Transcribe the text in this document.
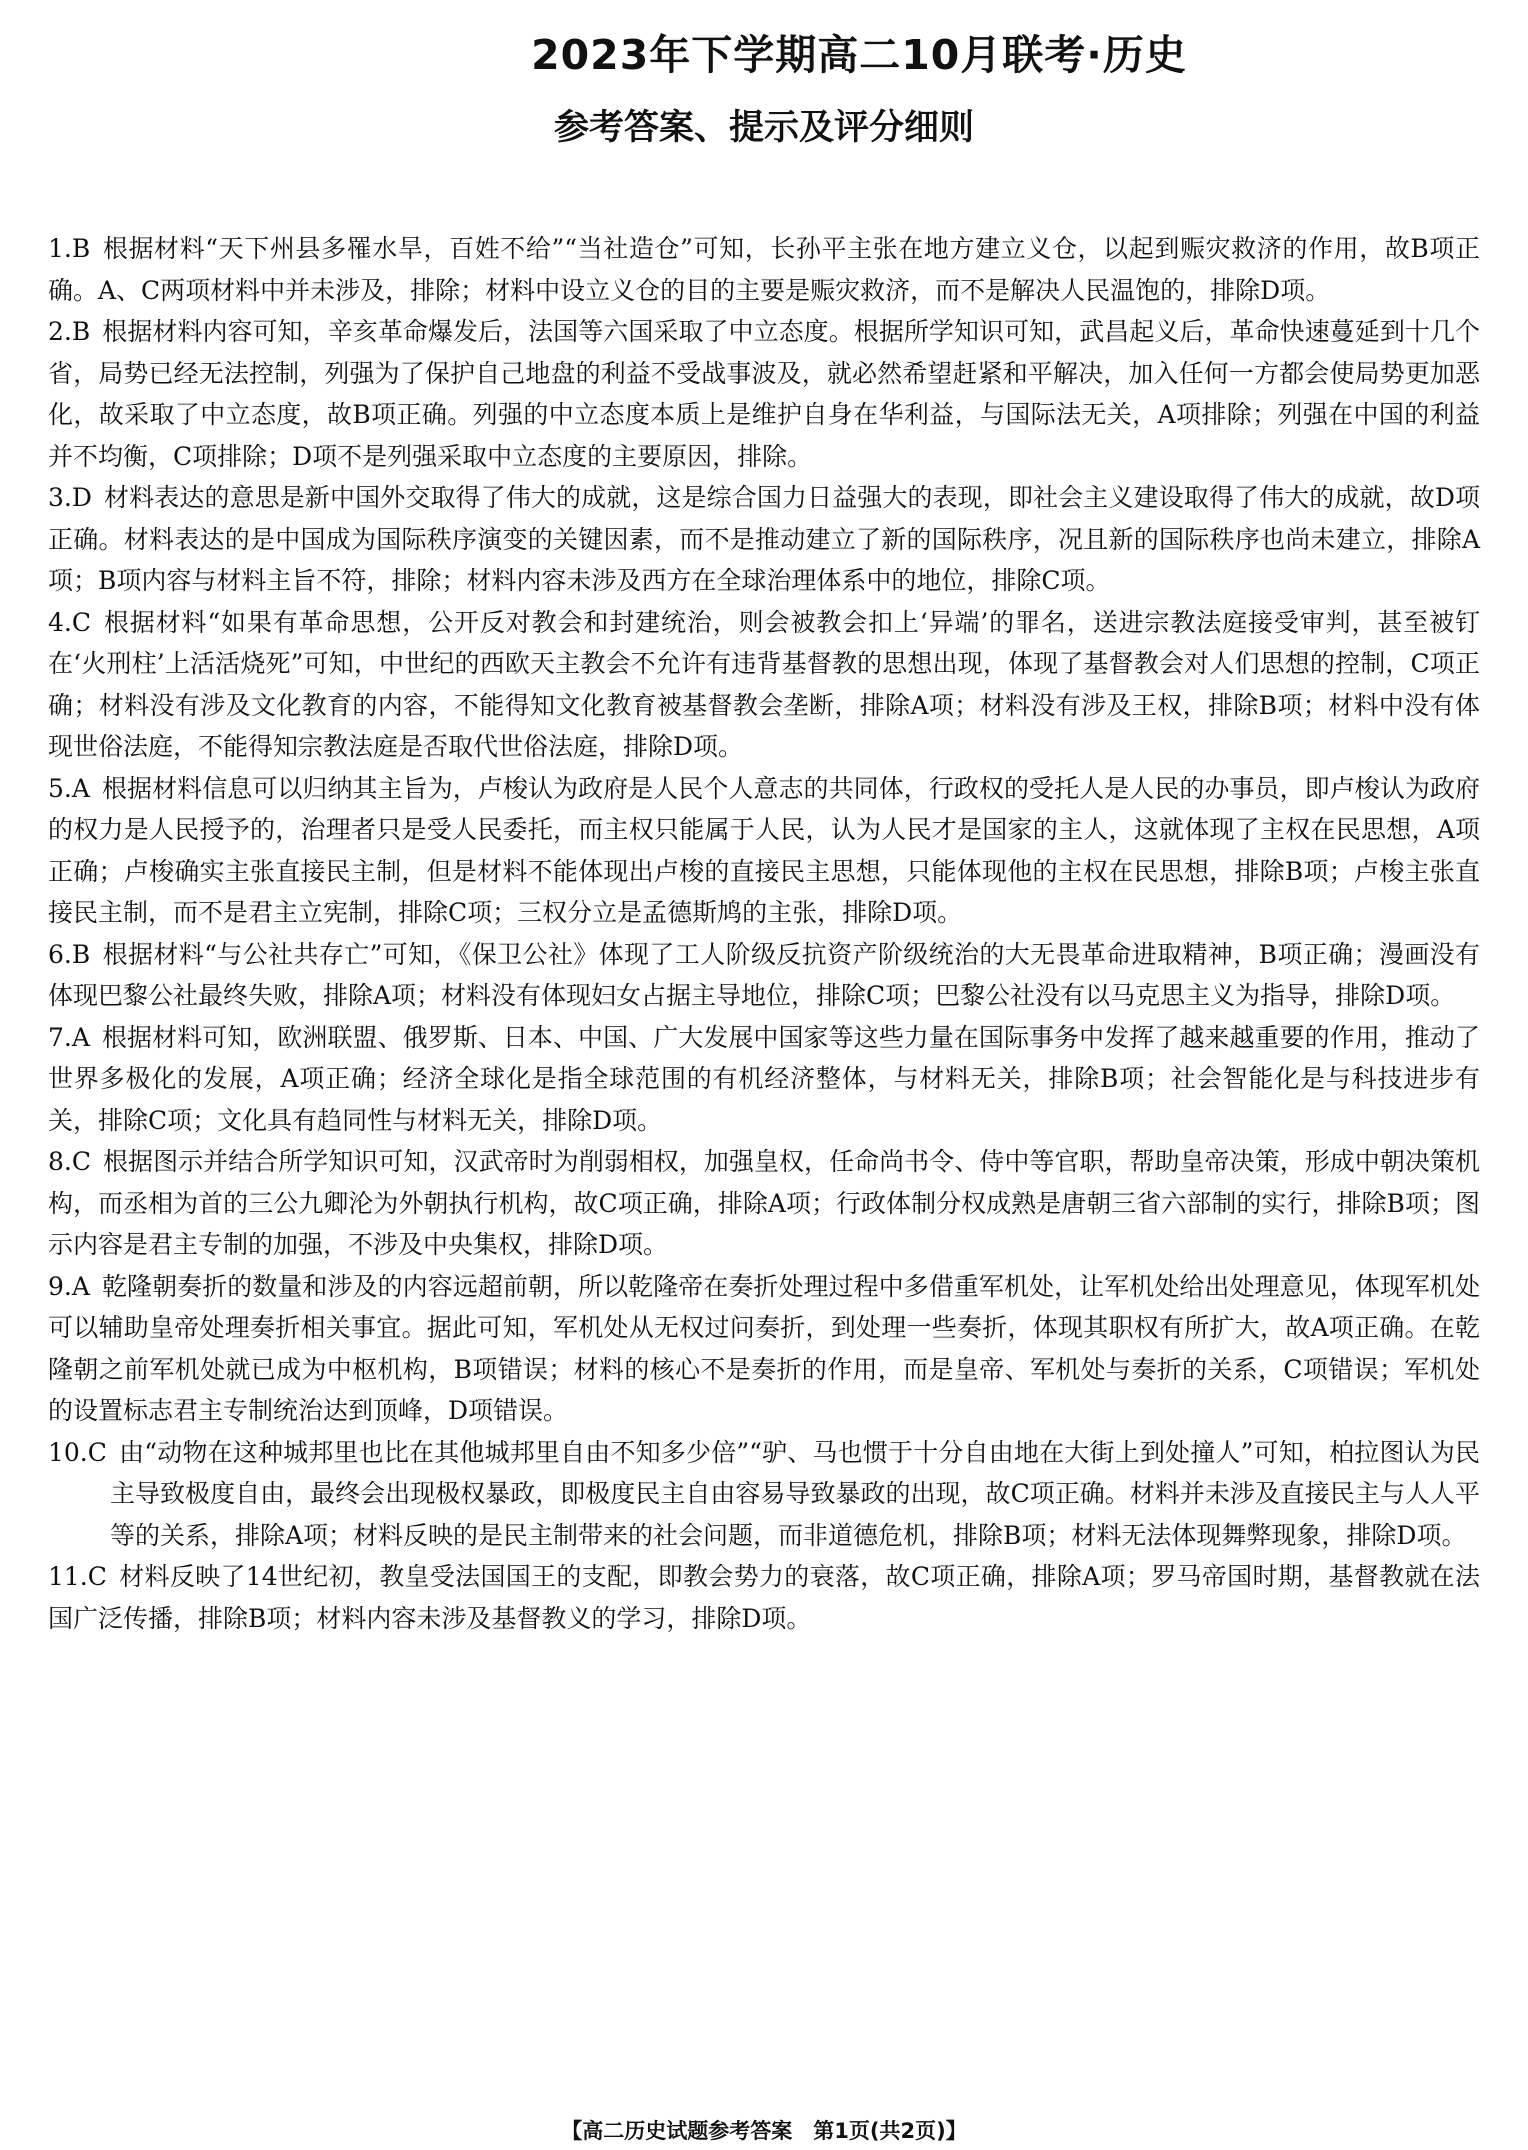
2023年下学期高二10月联考·历史
参考答案、提示及评分细则

1.B 根据材料“天下州县多罹水旱，百姓不给”“当社造仓”可知，长孙平主张在地方建立义仓，以起到赈灾救济的作用，故B项正确。A、C两项材料中并未涉及，排除；材料中设立义仓的目的主要是赈灾救济，而不是解决人民温饱的，排除D项。

2.B 根据材料内容可知，辛亥革命爆发后，法国等六国采取了中立态度。根据所学知识可知，武昌起义后，革命快速蔓延到十几个省，局势已经无法控制，列强为了保护自己地盘的利益不受战事波及，就必然希望赶紧和平解决，加入任何一方都会使局势更加恶化，故采取了中立态度，故B项正确。列强的中立态度本质上是维护自身在华利益，与国际法无关，A项排除；列强在中国的利益并不均衡，C项排除；D项不是列强采取中立态度的主要原因，排除。

3.D 材料表达的意思是新中国外交取得了伟大的成就，这是综合国力日益强大的表现，即社会主义建设取得了伟大的成就，故D项正确。材料表达的是中国成为国际秩序演变的关键因素，而不是推动建立了新的国际秩序，况且新的国际秩序也尚未建立，排除A项；B项内容与材料主旨不符，排除；材料内容未涉及西方在全球治理体系中的地位，排除C项。

4.C 根据材料“如果有革命思想，公开反对教会和封建统治，则会被教会扣上‘异端’的罪名，送进宗教法庭接受审判，甚至被钉在‘火刑柱’上活活烧死”可知，中世纪的西欧天主教会不允许有违背基督教的思想出现，体现了基督教会对人们思想的控制，C项正确；材料没有涉及文化教育的内容，不能得知文化教育被基督教会垄断，排除A项；材料没有涉及王权，排除B项；材料中没有体现世俗法庭，不能得知宗教法庭是否取代世俗法庭，排除D项。

5.A 根据材料信息可以归纳其主旨为，卢梭认为政府是人民个人意志的共同体，行政权的受托人是人民的办事员，即卢梭认为政府的权力是人民授予的，治理者只是受人民委托，而主权只能属于人民，认为人民才是国家的主人，这就体现了主权在民思想，A项正确；卢梭确实主张直接民主制，但是材料不能体现出卢梭的直接民主思想，只能体现他的主权在民思想，排除B项；卢梭主张直接民主制，而不是君主立宪制，排除C项；三权分立是孟德斯鸠的主张，排除D项。

6.B 根据材料“与公社共存亡”可知，《保卫公社》体现了工人阶级反抗资产阶级统治的大无畏革命进取精神，B项正确；漫画没有体现巴黎公社最终失败，排除A项；材料没有体现妇女占据主导地位，排除C项；巴黎公社没有以马克思主义为指导，排除D项。

7.A 根据材料可知，欧洲联盟、俄罗斯、日本、中国、广大发展中国家等这些力量在国际事务中发挥了越来越重要的作用，推动了世界多极化的发展，A项正确；经济全球化是指全球范围的有机经济整体，与材料无关，排除B项；社会智能化是与科技进步有关，排除C项；文化具有趋同性与材料无关，排除D项。

8.C 根据图示并结合所学知识可知，汉武帝时为削弱相权，加强皇权，任命尚书令、侍中等官职，帮助皇帝决策，形成中朝决策机构，而丞相为首的三公九卿沦为外朝执行机构，故C项正确，排除A项；行政体制分权成熟是唐朝三省六部制的实行，排除B项；图示内容是君主专制的加强，不涉及中央集权，排除D项。

9.A 乾隆朝奏折的数量和涉及的内容远超前朝，所以乾隆帝在奏折处理过程中多借重军机处，让军机处给出处理意见，体现军机处可以辅助皇帝处理奏折相关事宜。据此可知，军机处从无权过问奏折，到处理一些奏折，体现其职权有所扩大，故A项正确。在乾隆朝之前军机处就已成为中枢机构，B项错误；材料的核心不是奏折的作用，而是皇帝、军机处与奏折的关系，C项错误；军机处的设置标志君主专制统治达到顶峰，D项错误。

10.C 由“动物在这种城邦里也比在其他城邦里自由不知多少倍”“驴、马也惯于十分自由地在大街上到处撞人”可知，柏拉图认为民主导致极度自由，最终会出现极权暴政，即极度民主自由容易导致暴政的出现，故C项正确。材料并未涉及直接民主与人人平等的关系，排除A项；材料反映的是民主制带来的社会问题，而非道德危机，排除B项；材料无法体现舞弊现象，排除D项。

11.C 材料反映了14世纪初，教皇受法国国王的支配，即教会势力的衰落，故C项正确，排除A项；罗马帝国时期，基督教就在法国广泛传播，排除B项；材料内容未涉及基督教义的学习，排除D项。

【高二历史试题参考答案　第1页(共2页)】
